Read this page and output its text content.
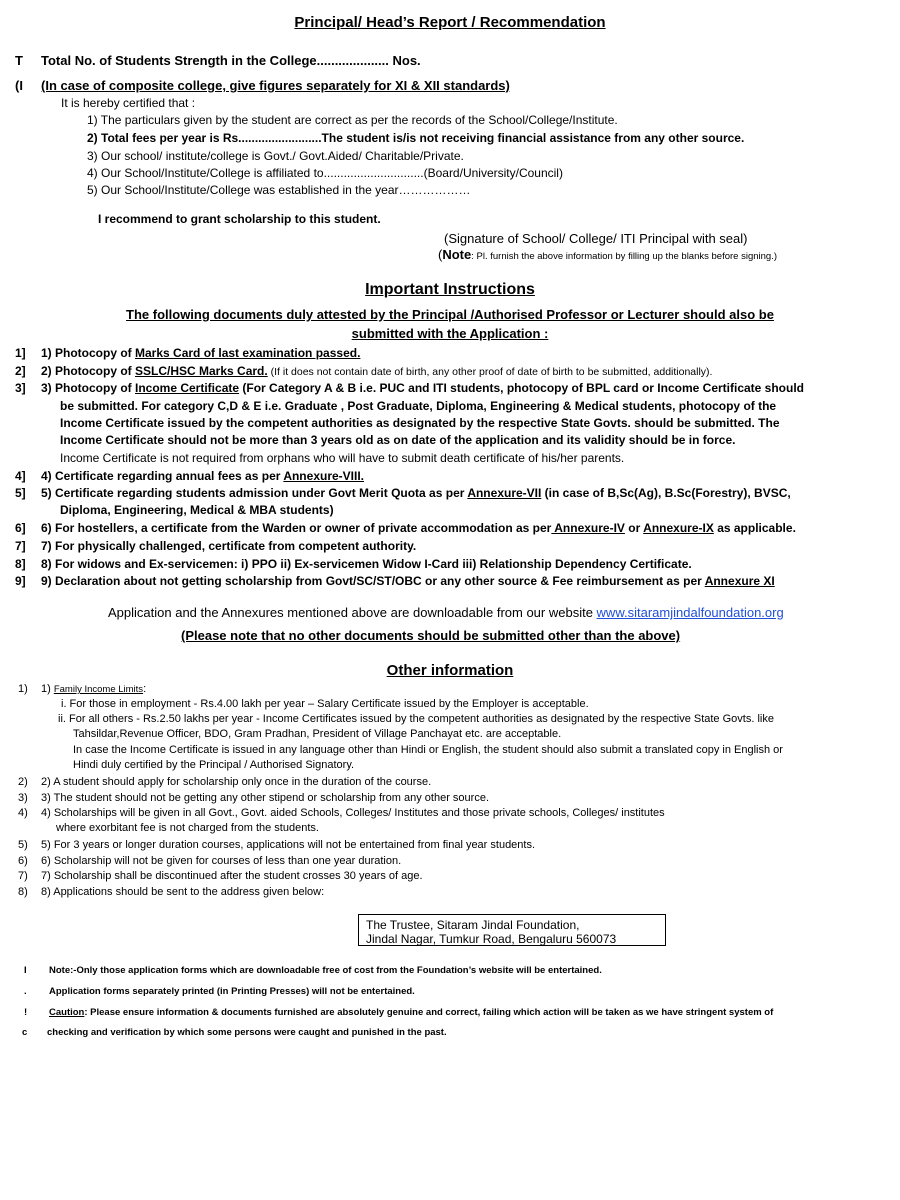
Principal/ Head’s Report / Recommendation
T Total No. of Students Strength in the College.................... Nos.
(I (In case of composite college, give figures separately for XI & XII standards)
It is hereby certified that :
1) The particulars given by the student are correct as per the records of the School/College/Institute.
2) Total fees per year is Rs.........................The student is/is not receiving financial assistance from any other source.
3) Our school/ institute/college is Govt./ Govt.Aided/ Charitable/Private.
4) Our School/Institute/College is affiliated to..............................(Board/University/Council)
5) Our School/Institute/College was established in the year………………
I recommend to grant scholarship to this student.
(Signature of School/ College/ ITI Principal with seal)
(Note: Pl. furnish the above information by filling up the blanks before signing.)
Important Instructions
The following documents duly attested by the Principal /Authorised Professor or Lecturer should also be
submitted with the Application :
1] 1) Photocopy of Marks Card of last examination passed.
2] 2) Photocopy of SSLC/HSC Marks Card. (If it does not contain date of birth, any other proof of date of birth to be submitted, additionally).
3] 3) Photocopy of Income Certificate (For Category A & B i.e. PUC and ITI students, photocopy of BPL card or Income Certificate should
be submitted. For category C,D & E i.e. Graduate , Post Graduate, Diploma, Engineering & Medical students, photocopy of the
Income Certificate issued by the competent authorities as designated by the respective State Govts. should be submitted. The
Income Certificate should not be more than 3 years old as on date of the application and its validity should be in force.
Income Certificate is not required from orphans who will have to submit death certificate of his/her parents.
4] 4) Certificate regarding annual fees as per Annexure-VIII.
5] 5) Certificate regarding students admission under Govt Merit Quota as per Annexure-VII (in case of B,Sc(Ag), B.Sc(Forestry), BVSC,
Diploma, Engineering, Medical & MBA students)
6] 6) For hostellers, a certificate from the Warden or owner of private accommodation as per Annexure-IV or Annexure-IX as applicable.
7] 7) For physically challenged, certificate from competent authority.
8] 8) For widows and Ex-servicemen: i) PPO ii) Ex-servicemen Widow I-Card iii) Relationship Dependency Certificate.
9] 9) Declaration about not getting scholarship from Govt/SC/ST/OBC or any other source & Fee reimbursement as per Annexure XI
Application and the Annexures mentioned above are downloadable from our website www.sitaramjindalfoundation.org
(Please note that no other documents should be submitted other than the above)
Other information
1) 1) Family Income Limits:
i. For those in employment - Rs.4.00 lakh per year – Salary Certificate issued by the Employer is acceptable.
ii. For all others - Rs.2.50 lakhs per year - Income Certificates issued by the competent authorities as designated by the respective State Govts. like
Tahsildar,Revenue Officer, BDO, Gram Pradhan, President of Village Panchayat etc. are acceptable.
In case the Income Certificate is issued in any language other than Hindi or English, the student should also submit a translated copy in English or
Hindi duly certified by the Principal / Authorised Signatory.
2) 2) A student should apply for scholarship only once in the duration of the course.
3) 3) The student should not be getting any other stipend or scholarship from any other source.
4) 4) Scholarships will be given in all Govt., Govt. aided Schools, Colleges/ Institutes and those private schools, Colleges/ institutes
where exorbitant fee is not charged from the students.
5) 5) For 3 years or longer duration courses, applications will not be entertained from final year students.
6) 6) Scholarship will not be given for courses of less than one year duration.
7) 7) Scholarship shall be discontinued after the student crosses 30 years of age.
8) 8) Applications should be sent to the address given below:
The Trustee, Sitaram Jindal Foundation,
Jindal Nagar, Tumkur Road, Bengaluru 560073
I Note:-Only those application forms which are downloadable free of cost from the Foundation’s website will be entertained.
. Application forms separately printed (in Printing Presses) will not be entertained.
! Caution: Please ensure information & documents furnished are absolutely genuine and correct, failing which action will be taken as we have stringent system of
c checking and verification by which some persons were caught and punished in the past.
